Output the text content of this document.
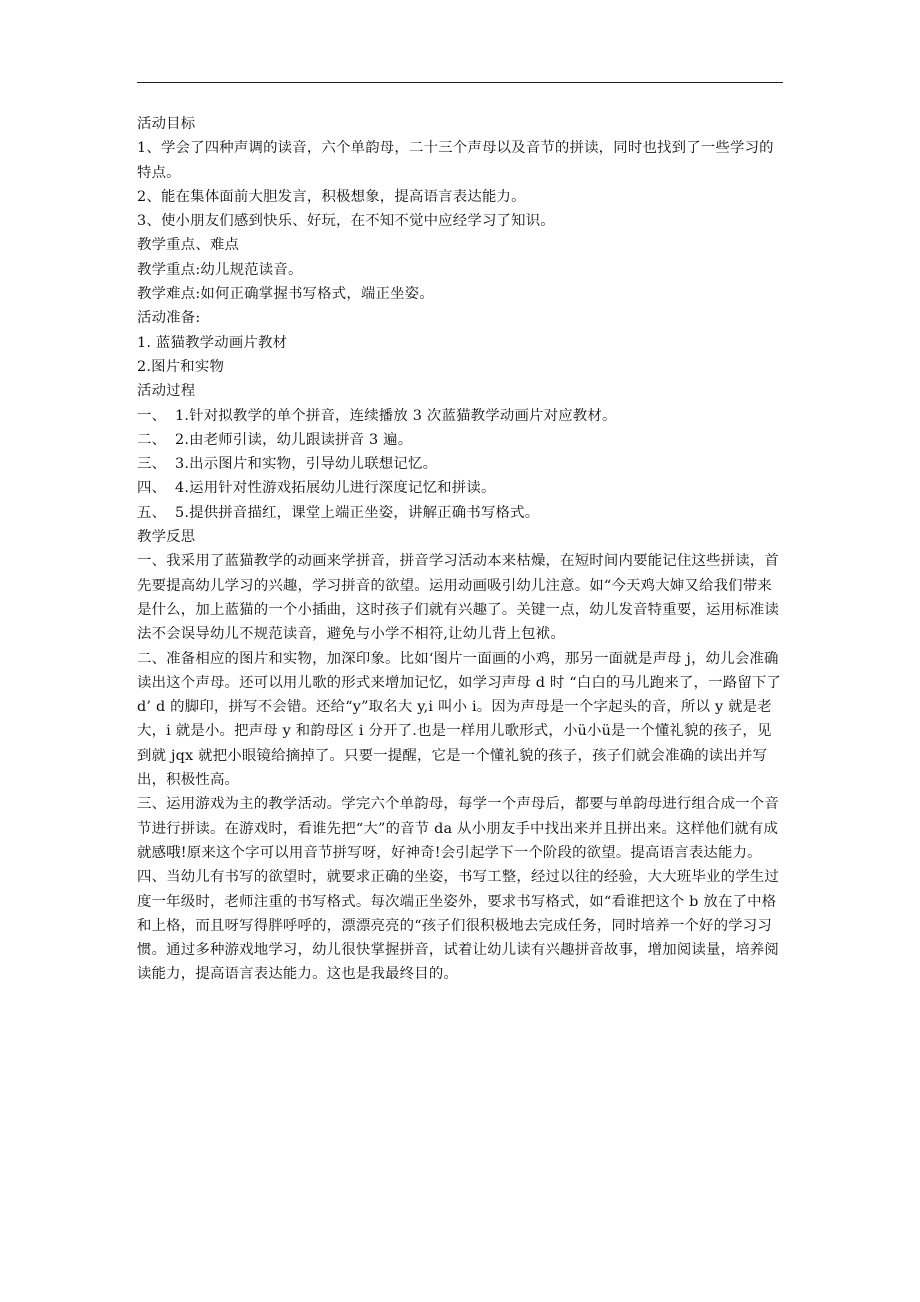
活动目标
1、学会了四种声调的读音，六个单韵母，二十三个声母以及音节的拼读，同时也找到了一些学习的特点。
2、能在集体面前大胆发言，积极想象，提高语言表达能力。
3、使小朋友们感到快乐、好玩，在不知不觉中应经学习了知识。
教学重点、难点
教学重点:幼儿规范读音。
教学难点:如何正确掌握书写格式，端正坐姿。
活动准备:
1. 蓝猫教学动画片教材
2.图片和实物
活动过程
一、 1.针对拟教学的单个拼音，连续播放 3 次蓝猫教学动画片对应教材。
二、 2.由老师引读，幼儿跟读拼音 3 遍。
三、 3.出示图片和实物，引导幼儿联想记忆。
四、 4.运用针对性游戏拓展幼儿进行深度记忆和拼读。
五、 5.提供拼音描红，课堂上端正坐姿，讲解正确书写格式。
教学反思
一、我采用了蓝猫教学的动画来学拼音，拼音学习活动本来枯燥，在短时间内要能记住这些拼读，首先要提高幼儿学习的兴趣，学习拼音的欲望。运用动画吸引幼儿注意。如“今天鸡大婶又给我们带来是什么，加上蓝猫的一个小插曲，这时孩子们就有兴趣了。关键一点，幼儿发音特重要，运用标准读法不会误导幼儿不规范读音，避免与小学不相符,让幼儿背上包袱。
二、准备相应的图片和实物，加深印象。比如‘图片一面画的小鸡，那另一面就是声母 j，幼儿会准确读出这个声母。还可以用儿歌的形式来增加记忆，如学习声母 d 时 “白白的马儿跑来了，一路留下了 d’ d 的脚印，拼写不会错。还给“y”取名大 y,i 叫小 i。因为声母是一个字起头的音，所以 y 就是老大，i 就是小。把声母 y 和韵母区 i 分开了.也是一样用儿歌形式，小ü小ü是一个懂礼貌的孩子，见到就 jqx 就把小眼镜给摘掉了。只要一提醒，它是一个懂礼貌的孩子，孩子们就会准确的读出并写出，积极性高。
三、运用游戏为主的教学活动。学完六个单韵母，每学一个声母后，都要与单韵母进行组合成一个音节进行拼读。在游戏时，看谁先把“大”的音节 da 从小朋友手中找出来并且拼出来。这样他们就有成就感哦!原来这个字可以用音节拼写呀，好神奇!会引起学下一个阶段的欲望。提高语言表达能力。
四、当幼儿有书写的欲望时，就要求正确的坐姿，书写工整，经过以往的经验，大大班毕业的学生过度一年级时，老师注重的书写格式。每次端正坐姿外，要求书写格式，如“看谁把这个 b 放在了中格和上格，而且呀写得胖呼呼的，漂漂亮亮的“孩子们很积极地去完成任务，同时培养一个好的学习习惯。通过多种游戏地学习，幼儿很快掌握拼音，试着让幼儿读有兴趣拼音故事，增加阅读量，培养阅读能力，提高语言表达能力。这也是我最终目的。
